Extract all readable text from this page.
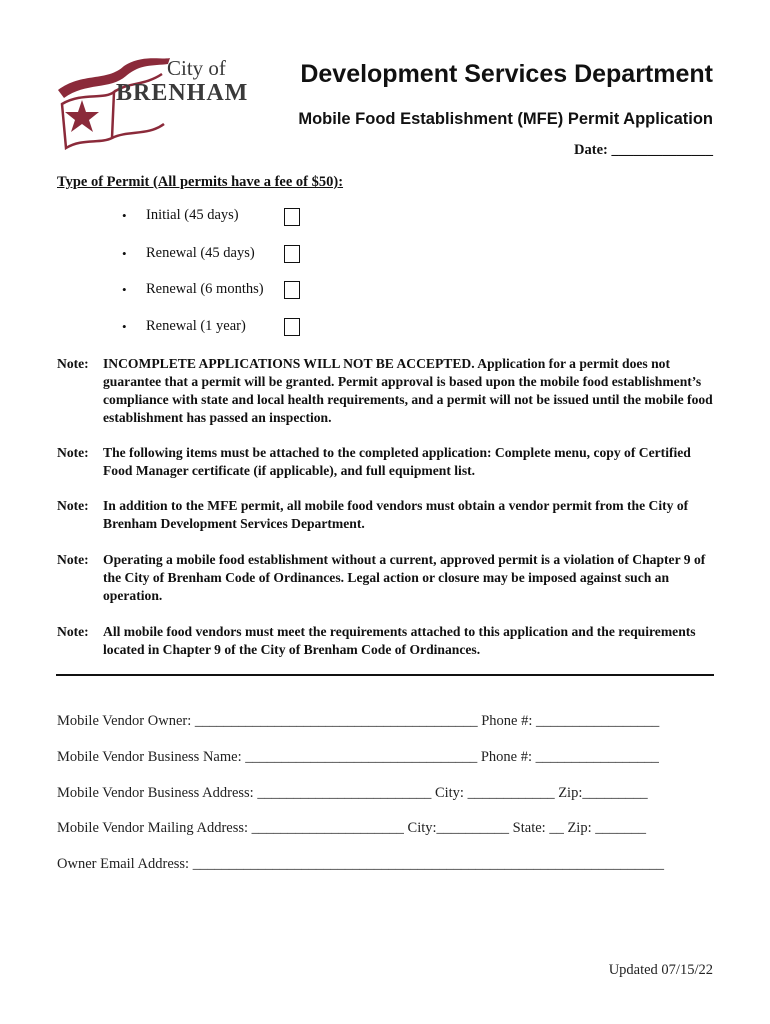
City of
BRENHAM
Development Services Department
Mobile Food Establishment (MFE) Permit Application
Date: ______________
Type of Permit (All permits have a fee of $50):
•	Initial (45 days)
•	Renewal (45 days)
•	Renewal (6 months)
•	Renewal (1 year)
Note:	INCOMPLETE APPLICATIONS WILL NOT BE ACCEPTED. Application for a permit does not guarantee that a permit will be granted. Permit approval is based upon the mobile food establishment’s compliance with state and local health requirements, and a permit will not be issued until the mobile food establishment has passed an inspection.
Note:	The following items must be attached to the completed application: Complete menu, copy of Certified Food Manager certificate (if applicable), and full equipment list.
Note:	In addition to the MFE permit, all mobile food vendors must obtain a vendor permit from the City of Brenham Development Services Department.
Note:	Operating a mobile food establishment without a current, approved permit is a violation of Chapter 9 of the City of Brenham Code of Ordinances. Legal action or closure may be imposed against such an operation.
Note:	All mobile food vendors must meet the requirements attached to this application and the requirements located in Chapter 9 of the City of Brenham Code of Ordinances.
Mobile Vendor Owner: _______________________________________ Phone #: _________________
Mobile Vendor Business Name: ________________________________ Phone #: _________________
Mobile Vendor Business Address: ________________________ City: ____________ Zip:_________
Mobile Vendor Mailing Address: _____________________ City:__________ State: __ Zip: _______
Owner Email Address: _________________________________________________________________
Updated 07/15/22
